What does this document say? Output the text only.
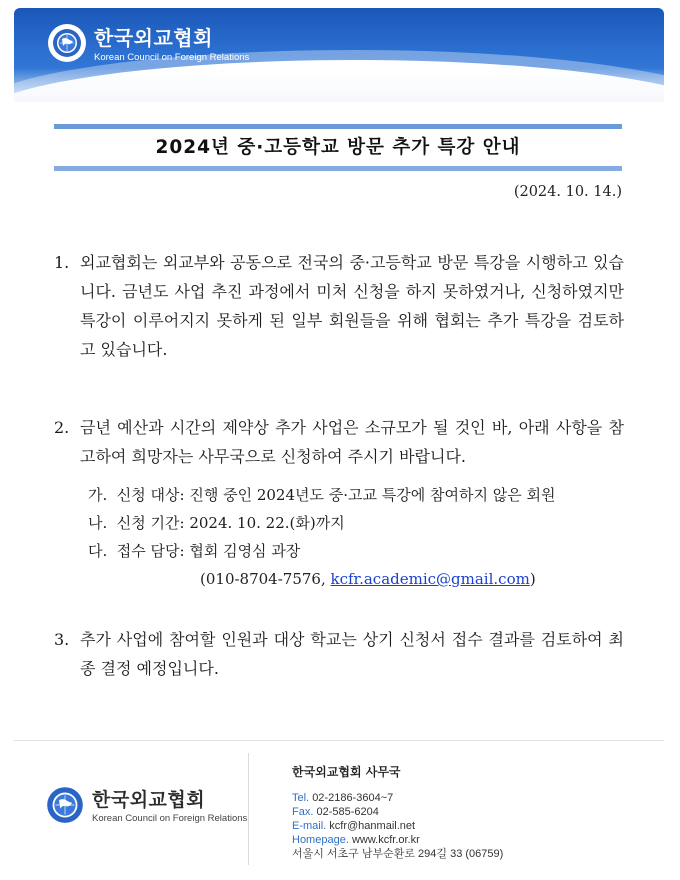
한국외교협회
Korean Council on Foreign Relations
2024년 중·고등학교 방문 추가 특강 안내
(2024. 10. 14.)
1. 외교협회는 외교부와 공동으로 전국의 중·고등학교 방문 특강을 시행하고 있습니다. 금년도 사업 추진 과정에서 미처 신청을 하지 못하였거나, 신청하였지만 특강이 이루어지지 못하게 된 일부 회원들을 위해 협회는 추가 특강을 검토하고 있습니다.
2. 금년 예산과 시간의 제약상 추가 사업은 소규모가 될 것인 바, 아래 사항을 참고하여 희망자는 사무국으로 신청하여 주시기 바랍니다.
가. 신청 대상: 진행 중인 2024년도 중·고교 특강에 참여하지 않은 회원
나. 신청 기간: 2024. 10. 22.(화)까지
다. 접수 담당: 협회 김영심 과장
(010-8704-7576, kcfr.academic@gmail.com)
3. 추가 사업에 참여할 인원과 대상 학교는 상기 신청서 접수 결과를 검토하여 최종 결정 예정입니다.
한국외교협회
Korean Council on Foreign Relations
한국외교협회 사무국
Tel. 02-2186-3604~7
Fax. 02-585-6204
E-mail. kcfr@hanmail.net
Homepage. www.kcfr.or.kr
서울시 서초구 남부순환로 294길 33 (06759)
